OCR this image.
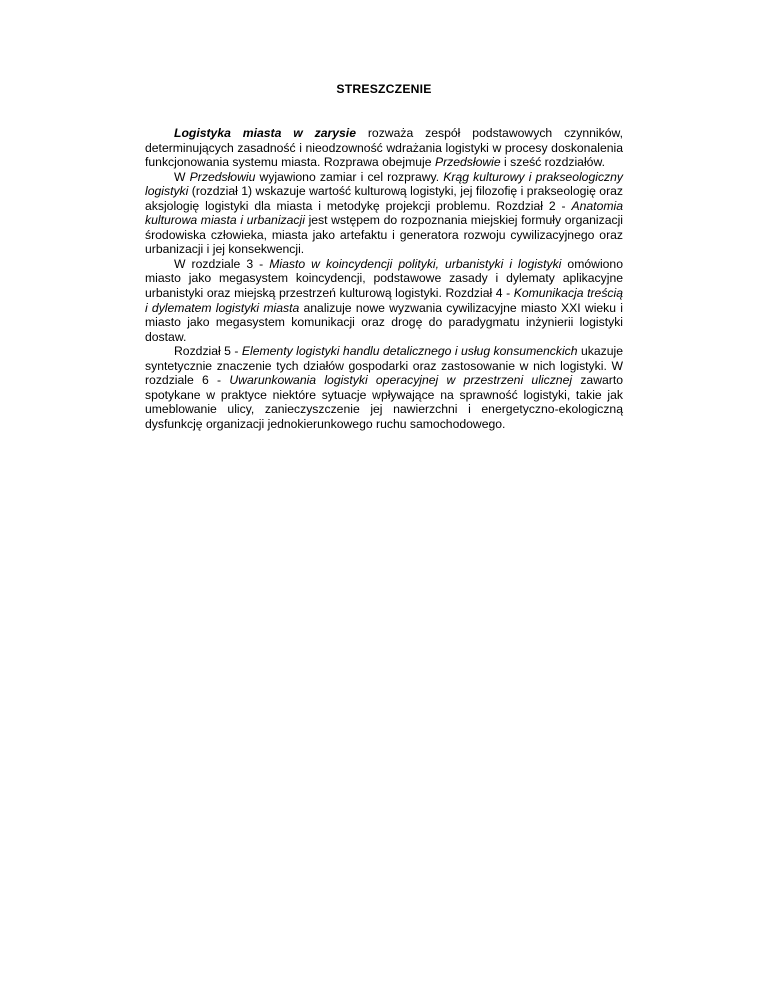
STRESZCZENIE

Logistyka miasta w zarysie rozważa zespół podstawowych czynników, determinujących zasadność i nieodzowność wdrażania logistyki w procesy doskonalenia funkcjonowania systemu miasta. Rozprawa obejmuje Przedsłowie i sześć rozdziałów.

W Przedsłowiu wyjawiono zamiar i cel rozprawy. Krąg kulturowy i prakseologiczny logistyki (rozdział 1) wskazuje wartość kulturową logistyki, jej filozofię i prakseologię oraz aksjologię logistyki dla miasta i metodykę projekcji problemu. Rozdział 2 - Anatomia kulturowa miasta i urbanizacji jest wstępem do rozpoznania miejskiej formuły organizacji środowiska człowieka, miasta jako artefaktu i generatora rozwoju cywilizacyjnego oraz urbanizacji i jej konsekwencji.

W rozdziale 3 - Miasto w koincydencji polityki, urbanistyki i logistyki omówiono miasto jako megasystem koincydencji, podstawowe zasady i dylematy aplikacyjne urbanistyki oraz miejską przestrzeń kulturową logistyki. Rozdział 4 - Komunikacja treścią i dylematem logistyki miasta analizuje nowe wyzwania cywilizacyjne miasto XXI wieku i miasto jako megasystem komunikacji oraz drogę do paradygmatu inżynierii logistyki dostaw.

Rozdział 5 - Elementy logistyki handlu detalicznego i usług konsumenckich ukazuje syntetycznie znaczenie tych działów gospodarki oraz zastosowanie w nich logistyki. W rozdziale 6 - Uwarunkowania logistyki operacyjnej w przestrzeni ulicznej zawarto spotykane w praktyce niektóre sytuacje wpływające na sprawność logistyki, takie jak umeblowanie ulicy, zanieczyszczenie jej nawierzchni i energetyczno-ekologiczną dysfunkcję organizacji jednokierunkowego ruchu samochodowego.
